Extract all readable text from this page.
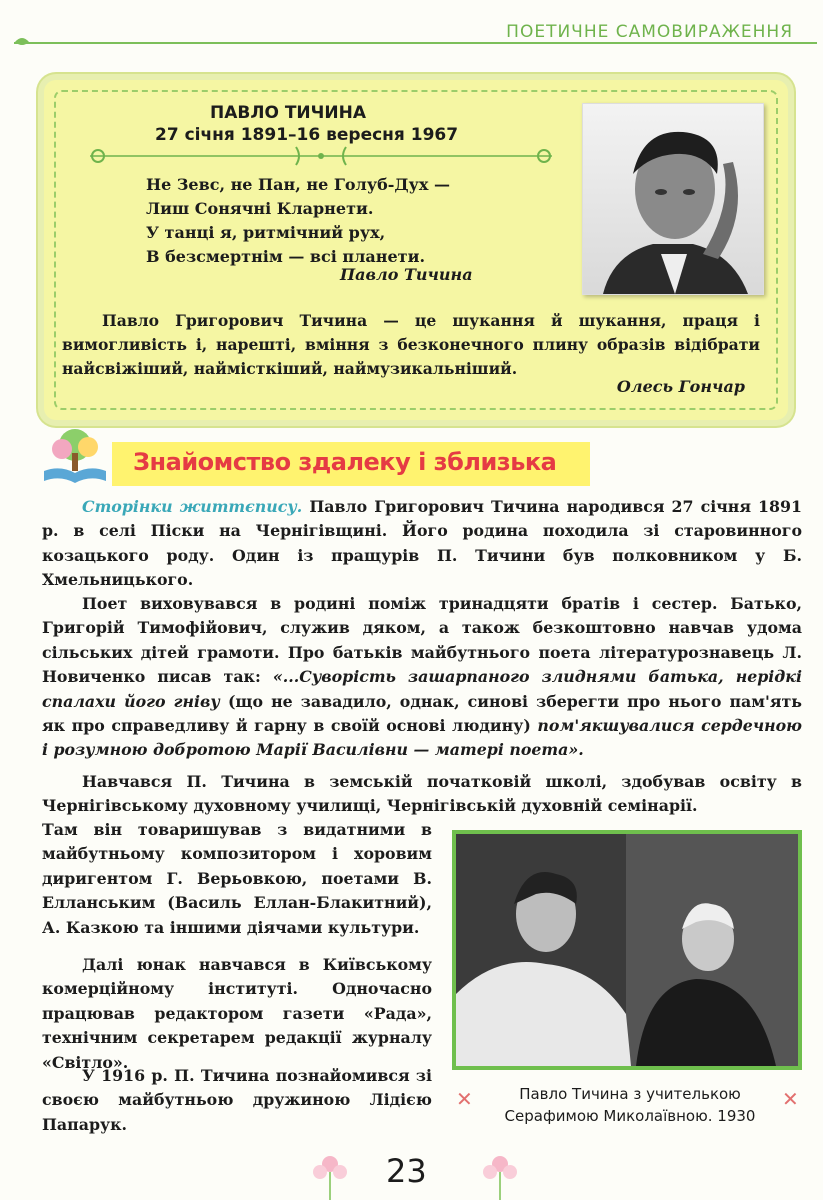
ПОЕТИЧНЕ САМОВИРАЖЕННЯ
ПАВЛО ТИЧИНА
27 січня 1891–16 вересня 1967
Не Зевс, не Пан, не Голуб-Дух —
Лиш Сонячні Кларнети.
У танці я, ритмічний рух,
В безсмертнім — всі планети.
Павло Тичина
Павло Григорович Тичина — це шукання й шукання, праця і вимогливість і, нарешті, вміння з безконечного плину образів відібрати найсвіжіший, наймісткіший, наймузикальніший.
Олесь Гончар
Знайомство здалеку і зблизька
Сторінки життєпису. Павло Григорович Тичина народився 27 січня 1891 р. в селі Піски на Чернігівщині. Його родина походила зі старовинного козацького роду. Один із пращурів П. Тичини був полковником у Б. Хмельницького.
Поет виховувався в родині поміж тринадцяти братів і сестер. Батько, Григорій Тимофійович, служив дяком, а також безкоштовно навчав удома сільських дітей грамоти. Про батьків майбутнього поета літературознавець Л. Новиченко писав так: «...Суворість зашарпаного злиднями батька, нерідкі спалахи його гніву (що не завадило, однак, синові зберегти про нього пам'ять як про справедливу й гарну в своїй основі людину) пом'якшувалися сердечною і розумною добротою Марії Василівни — матері поета».
Навчався П. Тичина в земській початковій школі, здобував освіту в Чернігівському духовному училищі, Чернігівській духовній семінарії.
Там він товаришував з видатними в майбутньому композитором і хоровим диригентом Г. Верьовкою, поетами В. Елланським (Василь Еллан-Блакитний), А. Казкою та іншими діячами культури.
Далі юнак навчався в Київському комерційному інституті. Одночасно працював редактором газети «Рада», технічним секретарем редакції журналу «Світло».
У 1916 р. П. Тичина познайомився зі своєю майбутньою дружиною Лідією Папарук.
✕	Павло Тичина з учителькою
Серафимою Миколаївною. 1930
✕
23
